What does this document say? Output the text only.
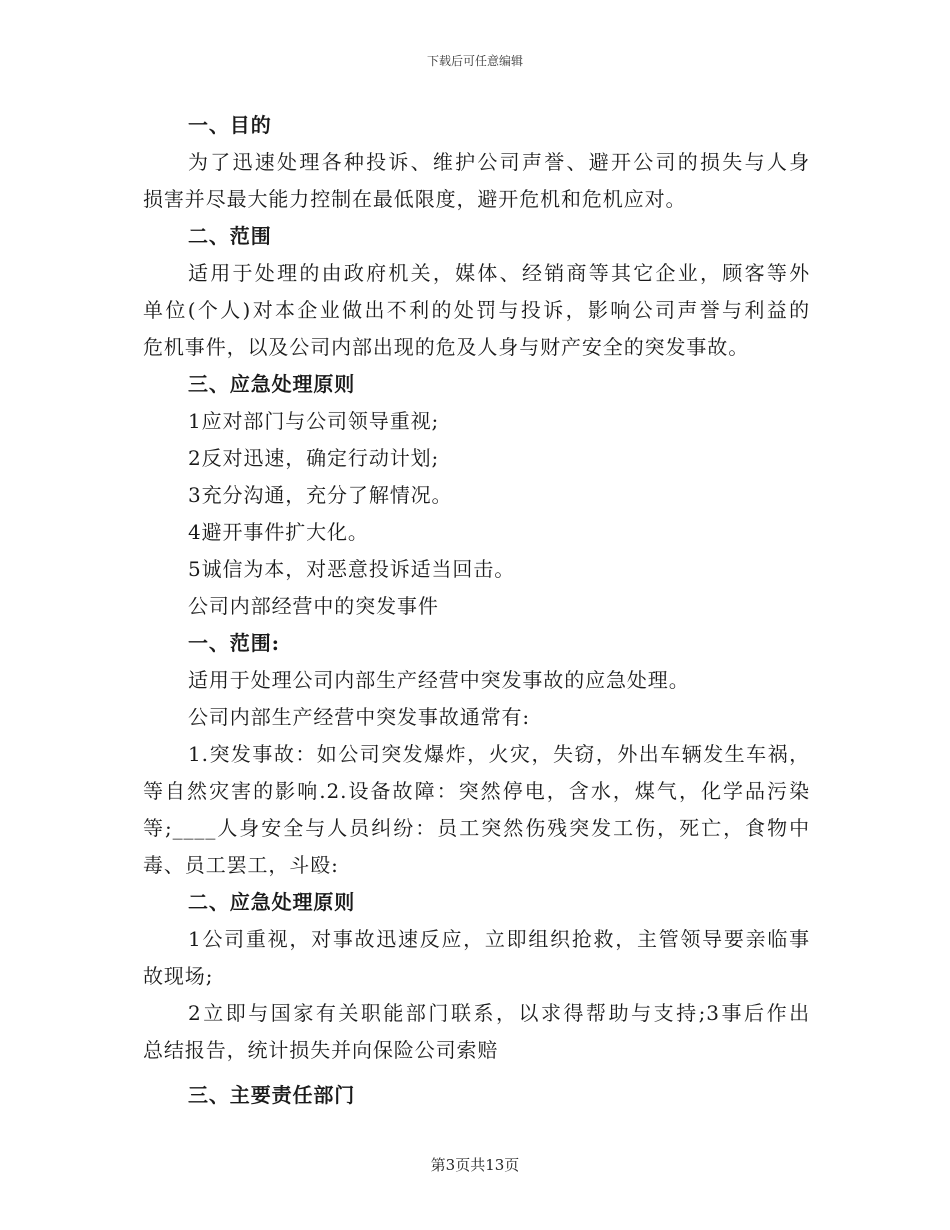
下载后可任意编辑

一、目的

为了迅速处理各种投诉、维护公司声誉、避开公司的损失与人身

损害并尽最大能力控制在最低限度，避开危机和危机应对。

二、范围

适用于处理的由政府机关，媒体、经销商等其它企业，顾客等外

单位(个人)对本企业做出不利的处罚与投诉，影响公司声誉与利益的

危机事件，以及公司内部出现的危及人身与财产安全的突发事故。

三、应急处理原则

1应对部门与公司领导重视;

2反对迅速，确定行动计划;

3充分沟通，充分了解情况。

4避开事件扩大化。

5诚信为本，对恶意投诉适当回击。

公司内部经营中的突发事件

一、范围:

适用于处理公司内部生产经营中突发事故的应急处理。

公司内部生产经营中突发事故通常有:

1.突发事故：如公司突发爆炸，火灾，失窃，外出车辆发生车祸，

等自然灾害的影响.2.设备故障：突然停电，含水，煤气，化学品污染

等;____人身安全与人员纠纷：员工突然伤残突发工伤，死亡，食物中

毒、员工罢工，斗殴:

二、应急处理原则

1公司重视，对事故迅速反应，立即组织抢救，主管领导要亲临事

故现场;

2立即与国家有关职能部门联系，以求得帮助与支持;3事后作出

总结报告，统计损失并向保险公司索赔

三、主要责任部门

第3页共13页
